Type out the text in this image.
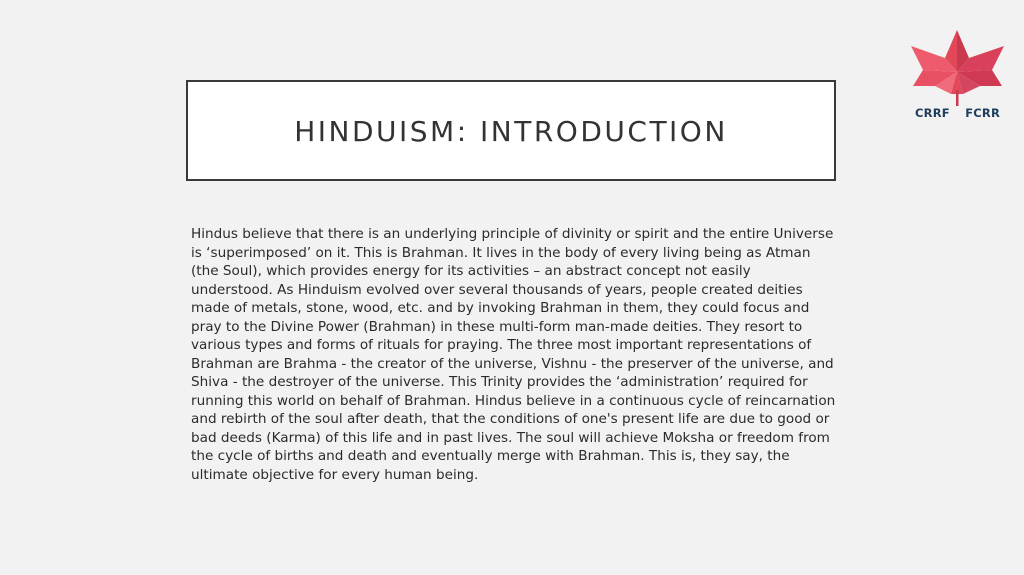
HINDUISM: INTRODUCTION

Hindus believe that there is an underlying principle of divinity or spirit and the entire Universe is ‘superimposed’ on it. This is Brahman. It lives in the body of every living being as Atman (the Soul), which provides energy for its activities – an abstract concept not easily understood. As Hinduism evolved over several thousands of years, people created deities made of metals, stone, wood, etc. and by invoking Brahman in them, they could focus and pray to the Divine Power (Brahman) in these multi-form man-made deities. They resort to various types and forms of rituals for praying. The three most important representations of Brahman are Brahma - the creator of the universe, Vishnu - the preserver of the universe, and Shiva - the destroyer of the universe. This Trinity provides the ‘administration’ required for running this world on behalf of Brahman. Hindus believe in a continuous cycle of reincarnation and rebirth of the soul after death, that the conditions of one's present life are due to good or bad deeds (Karma) of this life and in past lives. The soul will achieve Moksha or freedom from the cycle of births and death and eventually merge with Brahman. This is, they say, the ultimate objective for every human being.

CRRF FCRR
